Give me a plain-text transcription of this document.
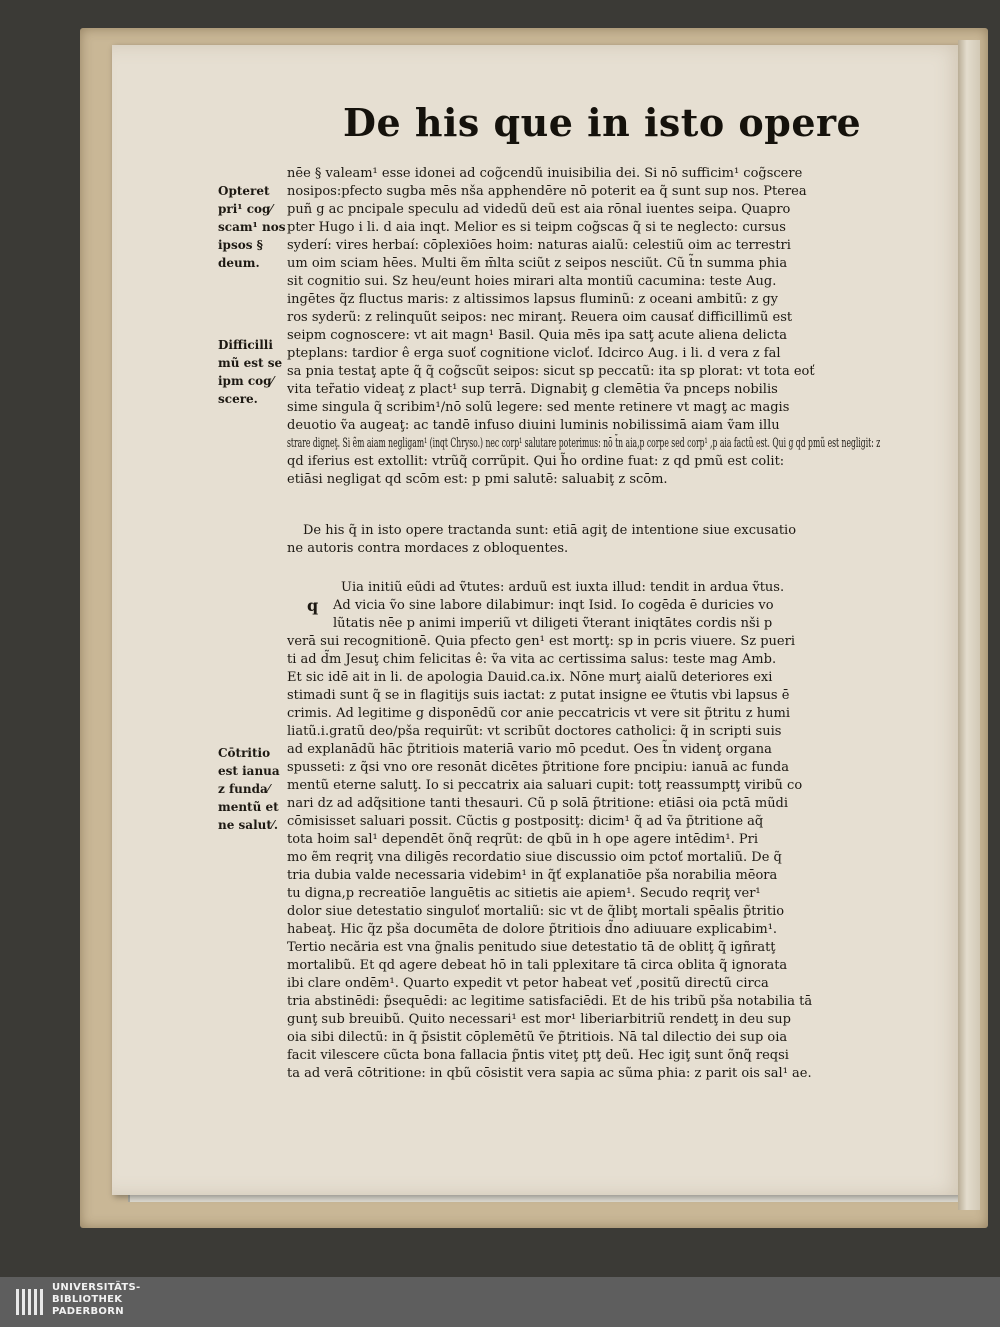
De his que in isto opere
Opteret
pri¹ cog⁄
scam¹ nos
ipsos §
deum.
Difficilli
mũ est se
ipm cog⁄
scere.
Cōtritio
est ianua
z funda⁄
mentũ et
ne salut⁄.
nēe § valeam¹ esse idonei ad cog̃cendũ inuisibilia dei. Si nō sufficim¹ cog̃scere
nosipos:pfecto sugba mēs nša apphendēre nō poterit ea q̃ sunt sup nos. Pterea
puñ g ac pncipale speculu ad videdũ deũ est aia rōnal iuentes seipa. Quapro
pter Hugo i li. d aia inqt. Melior es si teipm cog̃scas q̃ si te neglecto: cursus
syderí: vires herbaí: cōplexiōes hoim: naturas aialũ: celestiũ oim ac terrestri
um oim sciam hēes. Multi ẽm m̄lta sciũt z seipos nesciũt. Cũ t̃n summa phia
sit cognitio sui. Sz heu/eunt hoies mirari alta montiũ cacumina: teste Aug.
ingētes q̃z fluctus maris: z altissimos lapsus fluminũ: z oceani ambitũ: z gy
ros syderũ: z relinquũt seipos: nec miranţ. Reuera oim causať difficillimũ est
seipm cognoscere: vt ait magn¹ Basil. Quia mēs ipa satţ acute aliena delicta
pteplans: tardior ê erga suoť cognitione vicloť. Idcirco Aug. i li. d vera z fal
sa pnia testaţ apte q̃ q̃ cog̃scũt seipos: sicut sp peccatũ: ita sp plorat: vt tota eoť
vita ter̃atio videaţ z plact¹ sup terrā. Dignabiţ g clemētia ṽa pnceps nobilis
sime singula q̃ scribim¹/nō solũ legere: sed mente retinere vt magţ ac magis
deuotio ṽa augeaţ: ac tandē infuso diuini luminis nobilissimā aiam ṽam illu
strare digneţ. Si ẽm aiam negligam¹ (inqt Chryso.) nec corp¹ salutare poterimus: nō t̃n aia,p corpe sed corp¹ ,p aia factũ est. Qui g qd pmũ est negligit: z
qd iferius est extollit: vtrũq̃ corrũpit. Qui h̃o ordine fuat: z qd pmũ est colit:
etiāsi negligat qd scōm est: p pmi salutē: saluabiţ z scōm.
De his q̃ in isto opere tractanda sunt: etiā agiţ de intentione siue excusatio
ne autoris contra mordaces z obloquentes.
q
Uia initiũ eũdi ad ṽtutes: arduũ est iuxta illud: tendit in ardua ṽtus.
Ad vicia ṽo sine labore dilabimur: inqt Isid. Io cogēda ē duricies vo
lũtatis nēe p animi imperiũ vt diligeti ṽterant iniqtātes cordis nši p
verā sui recognitionē. Quia pfecto gen¹ est mortţ: sp in pcris viuere. Sz pueri
ti ad d̃m Jesuţ chim felicitas ê: ṽa vita ac certissima salus: teste mag Amb.
Et sic idē ait in li. de apologia Dauid.ca.ix. Nōne murţ aialũ deteriores exi
stimadi sunt q̃ se in flagitijs suis iactat: z putat insigne ee ṽtutis vbi lapsus ē
crimis. Ad legitime g disponēdũ cor anie peccatricis vt vere sit p̃tritu z humi
liatũ.i.gratũ deo/pša requirũt: vt scribũt doctores catholici: q̃ in scripti suis
ad explanādũ hāc p̃tritiois materiā vario mō pcedut. Oes t̃n videnţ organa
spusseti: z q̃si vno ore resonāt dicētes p̃tritione fore pncipiu: ianuā ac funda
mentũ eterne salutţ. Io si peccatrix aia saluari cupit: totţ reassumptţ viribũ co
nari dz ad adq̃sitione tanti thesauri. Cũ p solā p̃tritione: etiāsi oia pctā mũdi
cōmisisset saluari possit. Cũctis g postpositţ: dicim¹ q̃ ad ṽa p̃tritione aq̃
tota hoim sal¹ dependēt õnq̃ reqrũt: de qbũ in h ope agere intēdim¹. Pri
mo ẽm reqriţ vna diligēs recordatio siue discussio oim pctoť mortaliũ. De q̃
tria dubia valde necessaria videbim¹ in q̃ť explanatiōe pša norabilia mēora
tu digna,p recreatiōe languētis ac sitietis aie apiem¹. Secudo reqriţ ver¹
dolor siue detestatio singuloť mortaliũ: sic vt de q̃libţ mortali spēalis p̃tritio
habeaţ. Hic q̃z pša documēta de dolore p̃tritiois d̃no adiuuare explicabim¹.
Tertio necăria est vna g̃nalis penitudo siue detestatio tā de oblitţ q̃ igñratţ
mortalibũ. Et qd agere debeat hō in tali pplexitare tā circa oblita q̃ ignorata
ibi clare ondēm¹. Quarto expedit vt petor habeat veť ,positũ directũ circa
tria abstinēdi: p̃sequēdi: ac legitime satisfaciēdi. Et de his tribũ pša notabilia tā
gunţ sub breuibũ. Quito necessari¹ est mor¹ liberiarbitriũ rendetţ in deu sup
oia sibi dilectũ: in q̃ p̃sistit cōplemētũ ṽe p̃tritiois. Nā tal dilectio dei sup oia
facit vilescere cũcta bona fallacia p̃ntis viteţ ptţ deũ. Hec igiţ sunt õnq̃ reqsi
ta ad verā cōtritione: in qbũ cōsistit vera sapia ac sũma phia: z parit ois sal¹ ae.
UNIVERSITÄTS-
BIBLIOTHEK
PADERBORN
